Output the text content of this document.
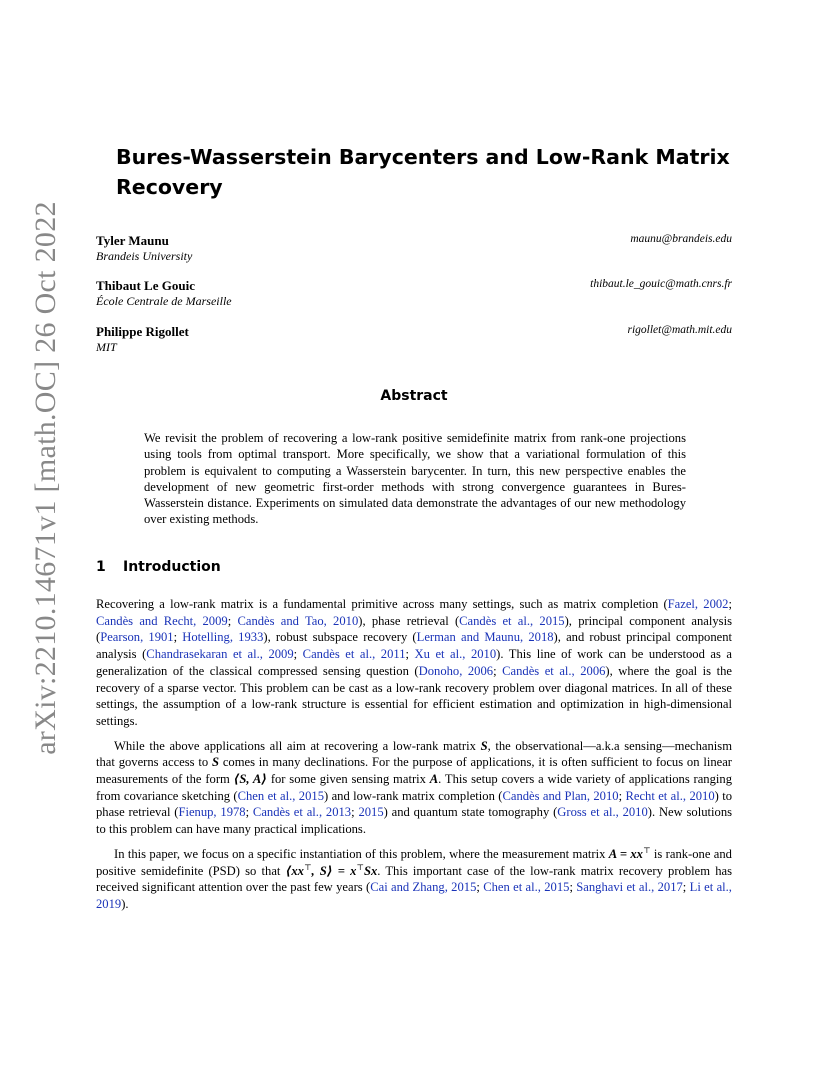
arXiv:2210.14671v1 [math.OC] 26 Oct 2022
Bures-Wasserstein Barycenters and Low-Rank Matrix Recovery
Tyler Maunu
Brandeis University
maunu@brandeis.edu
Thibaut Le Gouic
École Centrale de Marseille
thibaut.le_gouic@math.cnrs.fr
Philippe Rigollet
MIT
rigollet@math.mit.edu
Abstract
We revisit the problem of recovering a low-rank positive semidefinite matrix from rank-one projections using tools from optimal transport. More specifically, we show that a variational formulation of this problem is equivalent to computing a Wasserstein barycenter. In turn, this new perspective enables the development of new geometric first-order methods with strong convergence guarantees in Bures-Wasserstein distance. Experiments on simulated data demonstrate the advantages of our new methodology over existing methods.
1 Introduction

Recovering a low-rank matrix is a fundamental primitive across many settings, such as matrix completion (Fazel, 2002; Candès and Recht, 2009; Candès and Tao, 2010), phase retrieval (Candès et al., 2015), principal component analysis (Pearson, 1901; Hotelling, 1933), robust subspace recovery (Lerman and Maunu, 2018), and robust principal component analysis (Chandrasekaran et al., 2009; Candès et al., 2011; Xu et al., 2010). This line of work can be understood as a generalization of the classical compressed sensing question (Donoho, 2006; Candès et al., 2006), where the goal is the recovery of a sparse vector. This problem can be cast as a low-rank recovery problem over diagonal matrices. In all of these settings, the assumption of a low-rank structure is essential for efficient estimation and optimization in high-dimensional settings.

While the above applications all aim at recovering a low-rank matrix S, the observational—a.k.a sensing—mechanism that governs access to S comes in many declinations. For the purpose of applications, it is often sufficient to focus on linear measurements of the form ⟨S, A⟩ for some given sensing matrix A. This setup covers a wide variety of applications ranging from covariance sketching (Chen et al., 2015) and low-rank matrix completion (Candès and Plan, 2010; Recht et al., 2010) to phase retrieval (Fienup, 1978; Candès et al., 2013; 2015) and quantum state tomography (Gross et al., 2010). New solutions to this problem can have many practical implications.

In this paper, we focus on a specific instantiation of this problem, where the measurement matrix A = xx⊤ is rank-one and positive semidefinite (PSD) so that ⟨xx⊤, S⟩ = x⊤Sx. This important case of the low-rank matrix recovery problem has received significant attention over the past few years (Cai and Zhang, 2015; Chen et al., 2015; Sanghavi et al., 2017; Li et al., 2019).
